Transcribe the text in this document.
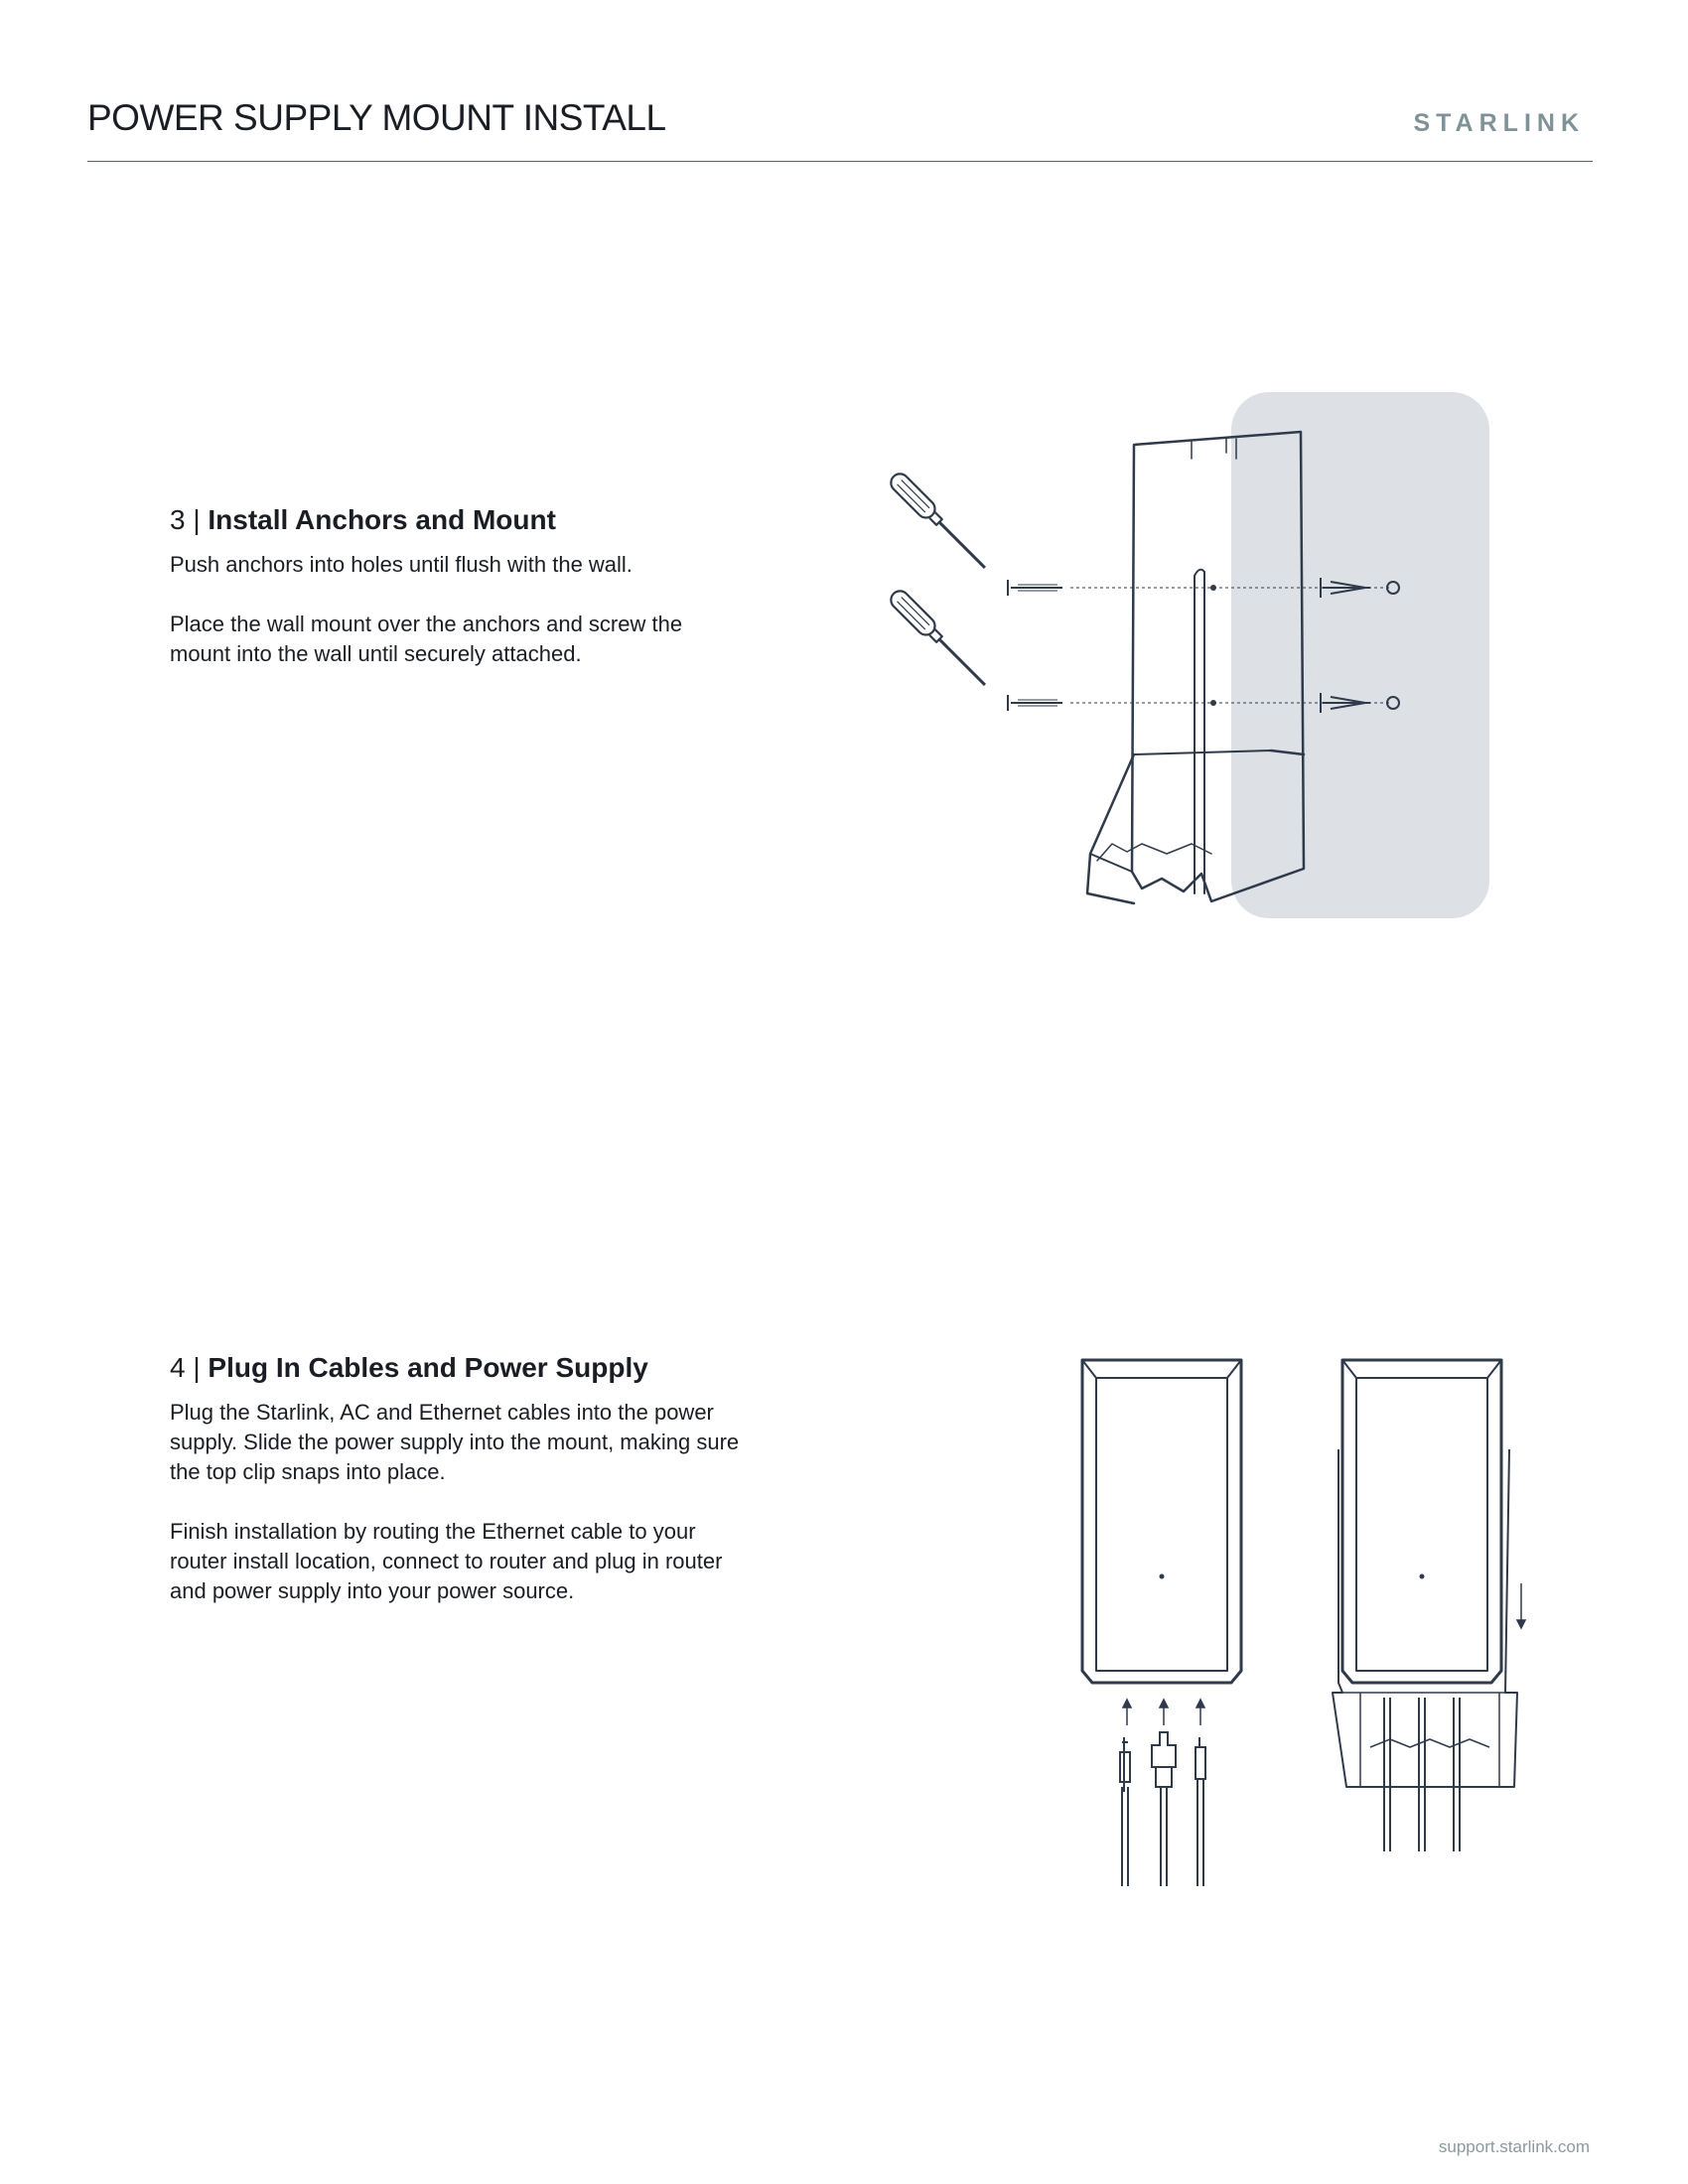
POWER SUPPLY MOUNT INSTALL	STARLINK
3 | Install Anchors and Mount

Push anchors into holes until flush with the wall.

Place the wall mount over the anchors and screw the mount into the wall until securely attached.

4 | Plug In Cables and Power Supply

Plug the Starlink, AC and Ethernet cables into the power supply. Slide the power supply into the mount, making sure the top clip snaps into place.

Finish installation by routing the Ethernet cable to your router install location, connect to router and plug in router and power supply into your power source.

support.starlink.com
